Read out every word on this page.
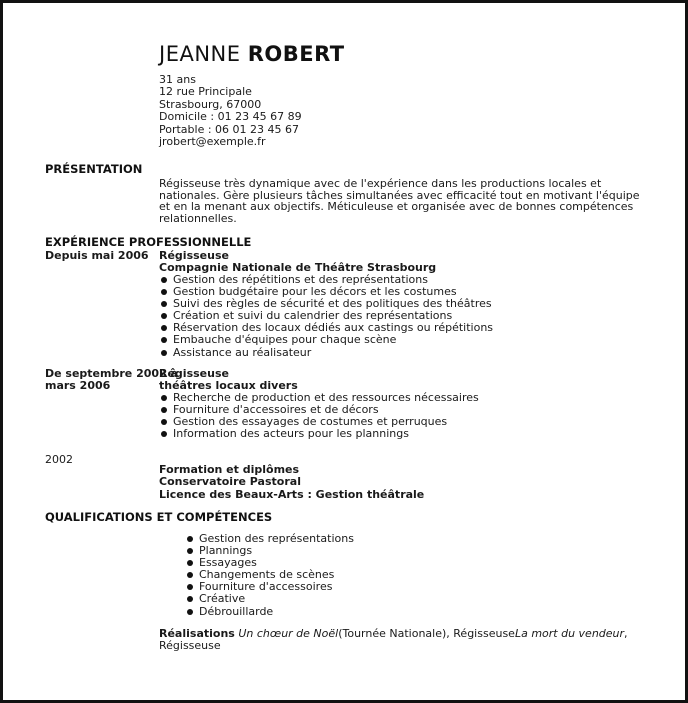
JEANNE ROBERT
31 ans
12 rue Principale
Strasbourg, 67000
Domicile : 01 23 45 67 89
Portable : 06 01 23 45 67
jrobert@exemple.fr
PRÉSENTATION
Régisseuse très dynamique avec de l'expérience dans les productions locales et nationales. Gère plusieurs tâches simultanées avec efficacité tout en motivant l'équipe et en la menant aux objectifs. Méticuleuse et organisée avec de bonnes compétences relationnelles.
EXPÉRIENCE PROFESSIONNELLE
Depuis mai 2006 Régisseuse
Compagnie Nationale de Théâtre Strasbourg
Gestion des répétitions et des représentations
Gestion budgétaire pour les décors et les costumes
Suivi des règles de sécurité et des politiques des théâtres
Création et suivi du calendrier des représentations
Réservation des locaux dédiés aux castings ou répétitions
Embauche d'équipes pour chaque scène
Assistance au réalisateur
De septembre 2002 à
mars 2006
Régisseuse
théâtres locaux divers
Recherche de production et des ressources nécessaires
Fourniture d'accessoires et de décors
Gestion des essayages de costumes et perruques
Information des acteurs pour les plannings
2002
Formation et diplômes
Conservatoire Pastoral
Licence des Beaux-Arts : Gestion théâtrale
QUALIFICATIONS ET COMPÉTENCES
Gestion des représentations
Plannings
Essayages
Changements de scènes
Fourniture d'accessoires
Créative
Débrouillarde
Réalisations Un chœur de Noël(Tournée Nationale), RégisseuseLa mort du vendeur, Régisseuse
